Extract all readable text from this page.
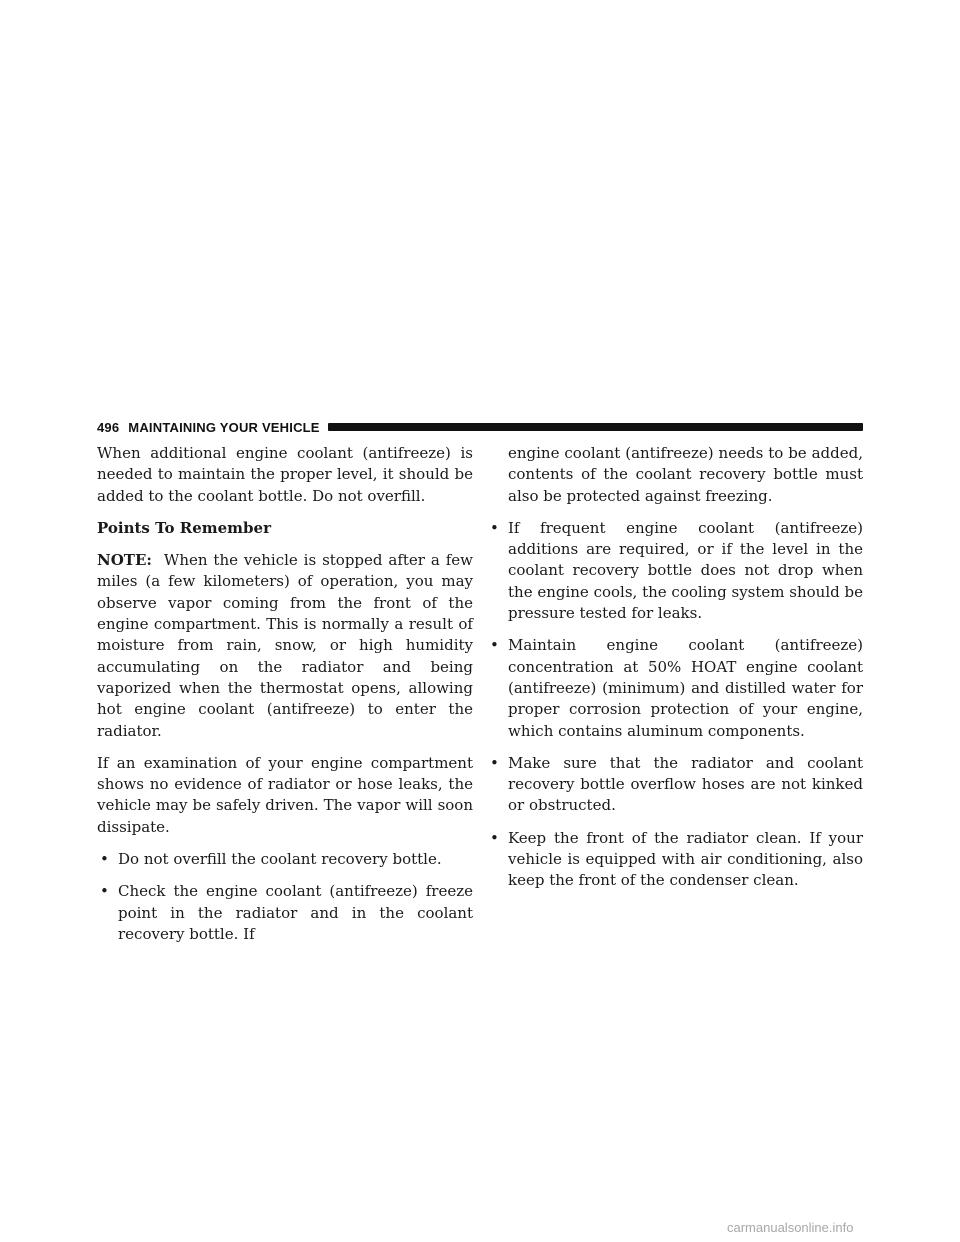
496 MAINTAINING YOUR VEHICLE

When additional engine coolant (antifreeze) is needed to maintain the proper level, it should be added to the coolant bottle. Do not overfill.

Points To Remember

NOTE: When the vehicle is stopped after a few miles (a few kilometers) of operation, you may observe vapor coming from the front of the engine compartment. This is normally a result of moisture from rain, snow, or high humidity accumulating on the radiator and being vaporized when the thermostat opens, allowing hot engine coolant (antifreeze) to enter the radiator.

If an examination of your engine compartment shows no evidence of radiator or hose leaks, the vehicle may be safely driven. The vapor will soon dissipate.

• Do not overfill the coolant recovery bottle.
• Check the engine coolant (antifreeze) freeze point in the radiator and in the coolant recovery bottle. If

engine coolant (antifreeze) needs to be added, contents of the coolant recovery bottle must also be protected against freezing.

• If frequent engine coolant (antifreeze) additions are required, or if the level in the coolant recovery bottle does not drop when the engine cools, the cooling system should be pressure tested for leaks.
• Maintain engine coolant (antifreeze) concentration at 50% HOAT engine coolant (antifreeze) (minimum) and distilled water for proper corrosion protection of your engine, which contains aluminum components.
• Make sure that the radiator and coolant recovery bottle overflow hoses are not kinked or obstructed.
• Keep the front of the radiator clean. If your vehicle is equipped with air conditioning, also keep the front of the condenser clean.
carmanualsonline.info
